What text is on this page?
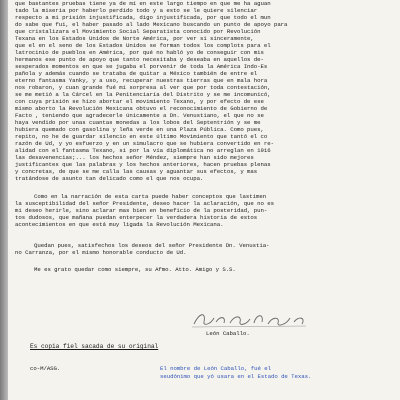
que bastantes pruebas tiene ya de mí en este largo tiempo en que me ha aguan
tado la miseria por haberlo perdido todo y a esto se le quiere silenciar
respecto a mi prisión injustificada, digo injustificada, por que todo el mun
do sabe que fui, el haber pasado al lado Mexicano buscando un punto de apoyo para
que cristalizara el Movimiento Social Separatista conocido por Revolución
Texana en los Estados Unidos de Norte América, por ver si sinceramente,
que el en el seno de los Estados Unidos se forman todos los complots para el
latrocinio de pueblos en América, por qué no habló yo de conseguir con mis
hermanos ese punto de apoyo que tanto necesitaba y deseaba en aquellos de-
sesperados momentos en que se jugaba el porvenir de toda la América Indo-Es
pañola y además cuando se trataba de quitar a México también de entre el
eterno fantasma Yanky, y a uso, recuperar nuestras tierras que en mala hora
nos robaron, y cuan grande fué mi sorpresa al ver que por toda contestación,
se me metió a la Cárcel en la Penitenciaría del Distrito y se me incomunicó,
con cuya prisión se hizo abortar el movimiento Texano, y por efecto de ese
mismo aborto la Revolución Mexicana obtuvo el reconocimiento de Gobierno de
Facto , teniendo que agradecerle únicamente a Dn. Venustiano, el que no se
haya vendido por unas cuantas monedas a los lobos del Septentrión y se me
hubiera quemado con gasolina y leña verde en una Plaza Pública. Como pues,
repito, no he de guardar silencio en este último Movimiento que tantó el co
razón de Ud, y yo esfuerzo y en un simulacro que se hubiera convertido en re-
alidad con el fantasma Texano, si por la vía diplomática no arreglan en 1916
las desavenencias;... los hechos señor Méndez, siempre han sido mejores
justificantes que las palabras y los hechos anteriores, hacen pruebas plenas
y concretas, de que se me calla las causas y aguantar sus efectos, y mas
tratándose de asunto tan delicado como el que nos ocupa.
Como en la narración de esta carta puede haber conceptos que lastimen
la susceptibilidad del señor Presidente, deseo hacer la aclaración, que no es
mi deseo herirle, sino aclarar mas bien en beneficio de la posteridad, pun-
tos dudosos, que mañana puedan enterpecer la verdadera historia de estos
acontecimientos en que está muy ligada la Revolución Mexicana.
Quedan pues, satisfechos los deseos del señor Presidente Dn. Venustia-
no Carranza, por el mismo honorable conducto de Ud.
Me es grato quedar como siempre, su Afmo. Atto. Amigo y S.S.
León Caballo.
Es copia fiel sacada de su original
co-M/ASG.	El nombre de León Caballo, fué el
seudónimo que yó usara en el Estado de Texas.
